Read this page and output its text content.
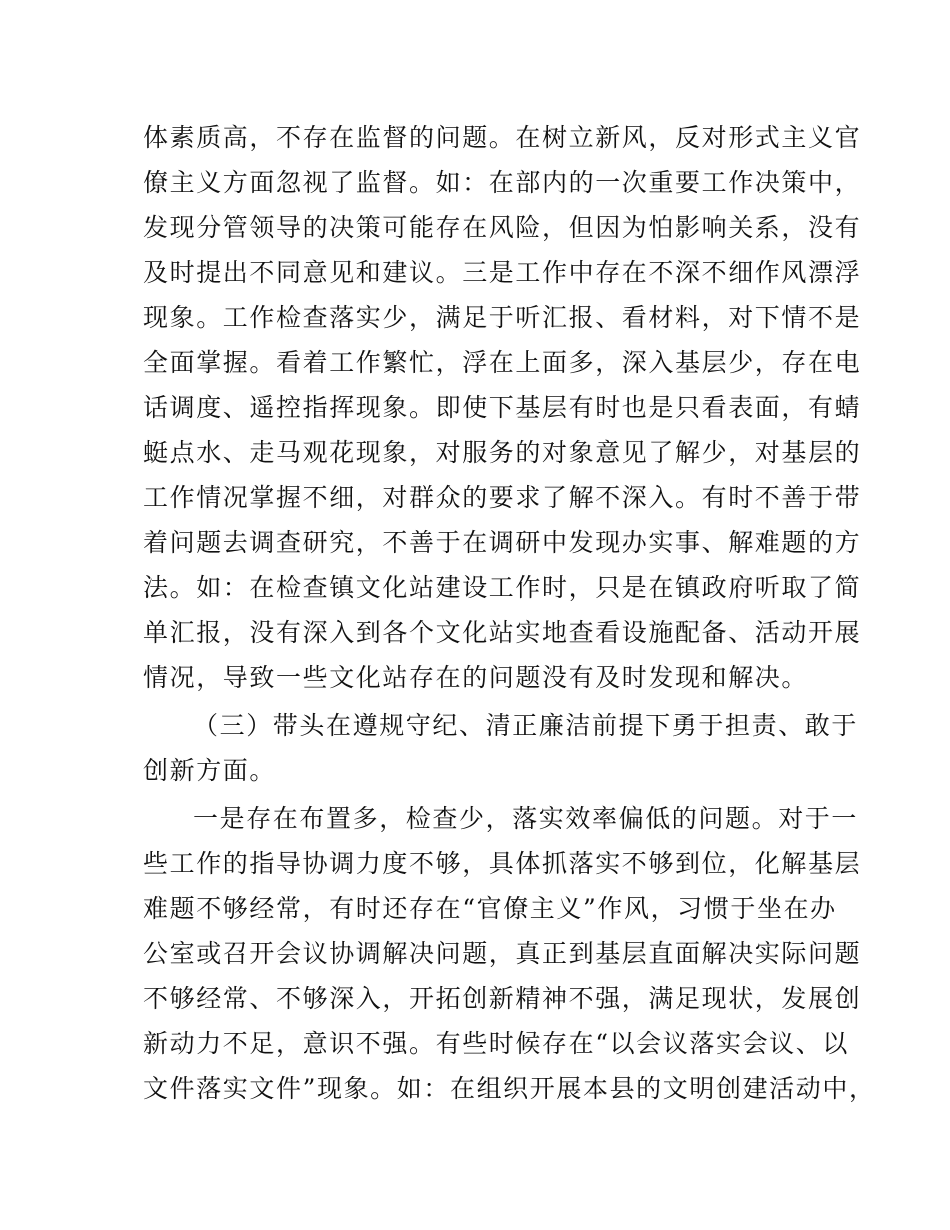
体素质高，不存在监督的问题。在树立新风，反对形式主义官
僚主义方面忽视了监督。如：在部内的一次重要工作决策中，
发现分管领导的决策可能存在风险，但因为怕影响关系，没有
及时提出不同意见和建议。三是工作中存在不深不细作风漂浮
现象。工作检查落实少，满足于听汇报、看材料，对下情不是
全面掌握。看着工作繁忙，浮在上面多，深入基层少，存在电
话调度、遥控指挥现象。即使下基层有时也是只看表面，有蜻
蜓点水、走马观花现象，对服务的对象意见了解少，对基层的
工作情况掌握不细，对群众的要求了解不深入。有时不善于带
着问题去调查研究，不善于在调研中发现办实事、解难题的方
法。如：在检查镇文化站建设工作时，只是在镇政府听取了简
单汇报，没有深入到各个文化站实地查看设施配备、活动开展
情况，导致一些文化站存在的问题没有及时发现和解决。
（三）带头在遵规守纪、清正廉洁前提下勇于担责、敢于
创新方面。
一是存在布置多，检查少，落实效率偏低的问题。对于一
些工作的指导协调力度不够，具体抓落实不够到位，化解基层
难题不够经常，有时还存在“官僚主义”作风，习惯于坐在办
公室或召开会议协调解决问题，真正到基层直面解决实际问题
不够经常、不够深入，开拓创新精神不强，满足现状，发展创
新动力不足，意识不强。有些时候存在“以会议落实会议、以
文件落实文件”现象。如：在组织开展本县的文明创建活动中，
